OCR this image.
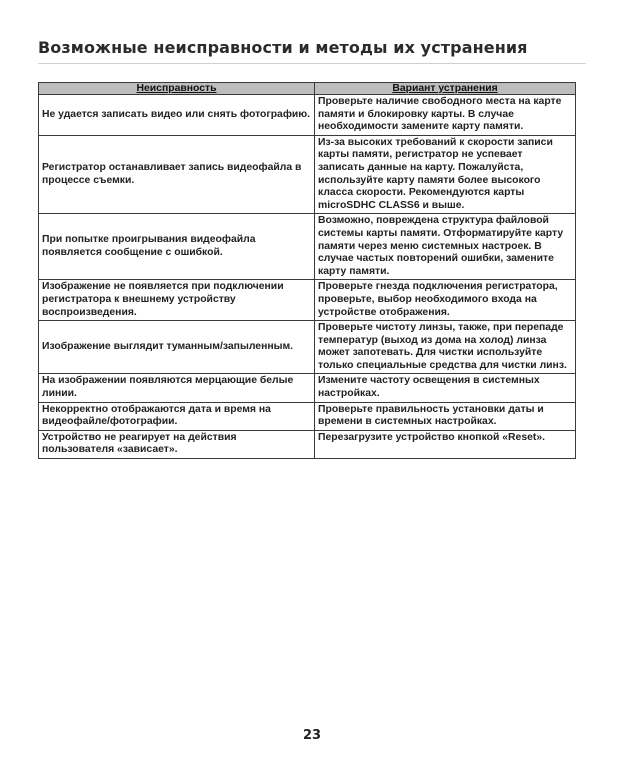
Возможные неисправности и методы их устранения
Неисправность	Вариант устранения
Не удается записать видео или снять фотографию.	Проверьте наличие свободного места на карте памяти и блокировку карты. В случае необходимости замените карту памяти.
Регистратор останавливает запись видеофайла в процессе съемки.	Из-за высоких требований к скорости записи карты памяти, регистратор не успевает записать данные на карту. Пожалуйста, используйте карту памяти более высокого класса скорости. Рекомендуются карты microSDHC CLASS6 и выше.
При попытке проигрывания видеофайла появляется сообщение с ошибкой.	Возможно, повреждена структура файловой системы карты памяти. Отформатируйте карту памяти через меню системных настроек. В случае частых повторений ошибки, замените карту памяти.
Изображение не появляется при подключении регистратора к внешнему устройству воспроизведения.	Проверьте гнезда подключения регистратора, проверьте, выбор необходимого входа на устройстве отображения.
Изображение выглядит туманным/запыленным.	Проверьте чистоту линзы, также, при перепаде температур (выход из дома на холод) линза может запотевать. Для чистки используйте только специальные средства для чистки линз.
На изображении появляются мерцающие белые линии.	Измените частоту освещения в системных настройках.
Некорректно отображаются дата и время на видеофайле/фотографии.	Проверьте правильность установки даты и времени в системных настройках.
Устройство не реагирует на действия пользователя «зависает».	Перезагрузите устройство кнопкой «Reset».
23
